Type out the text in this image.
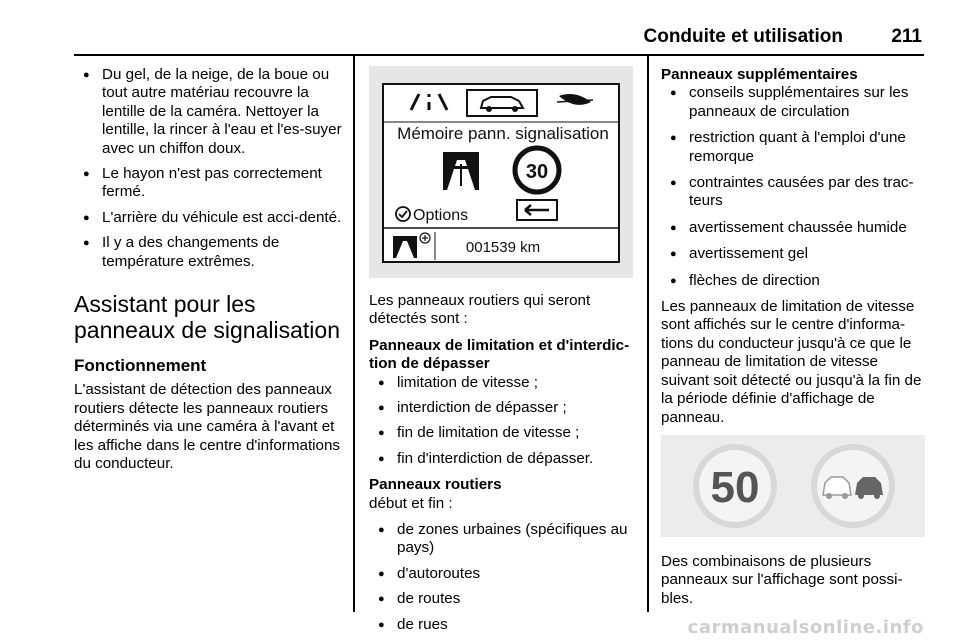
Conduite et utilisation	211
● Du gel, de la neige, de la boue ou tout autre matériau recouvre la lentille de la caméra. Nettoyer la lentille, la rincer à l'eau et l'es-suyer avec un chiffon doux.
● Le hayon n'est pas correctement fermé.
● L'arrière du véhicule est acci-denté.
● Il y a des changements de température extrêmes.
Assistant pour les panneaux de signalisation
Fonctionnement

L'assistant de détection des panneaux routiers détecte les panneaux routiers déterminés via une caméra à l'avant et les affiche dans le centre d'informations du conducteur.

Mémoire pann. signalisation
30
Options
001539 km

Les panneaux routiers qui seront détectés sont :

Panneaux de limitation et d'interdic-tion de dépasser
● limitation de vitesse ;
● interdiction de dépasser ;
● fin de limitation de vitesse ;
● fin d'interdiction de dépasser.
Panneaux routiers

début et fin :

● de zones urbaines (spécifiques au pays)
● d'autoroutes
● de routes
● de rues
Panneaux supplémentaires
● conseils supplémentaires sur les panneaux de circulation
● restriction quant à l'emploi d'une remorque
● contraintes causées par des trac-teurs
● avertissement chaussée humide
● avertissement gel
● flèches de direction

Les panneaux de limitation de vitesse sont affichés sur le centre d'informa-tions du conducteur jusqu'à ce que le panneau de limitation de vitesse suivant soit détecté ou jusqu'à la fin de la période définie d'affichage de panneau.

50

Des combinaisons de plusieurs panneaux sur l'affichage sont possi-bles.

carmanualsonline.info
